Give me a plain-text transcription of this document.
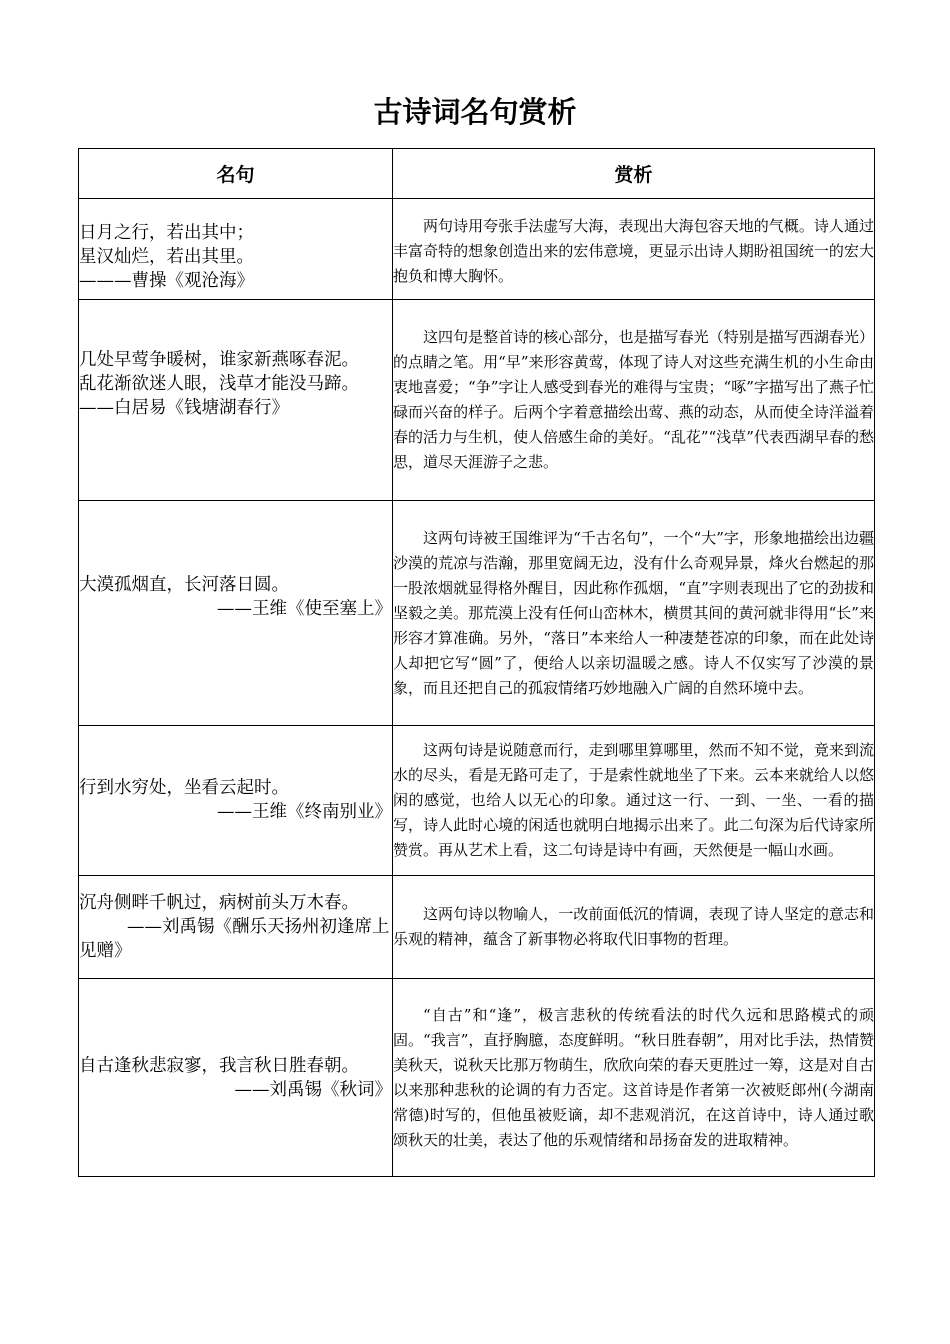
古诗词名句赏析
名句	赏析

日月之行，若出其中；
星汉灿烂，若出其里。
———曹操《观沧海》	两句诗用夸张手法虚写大海，表现出大海包容天地的气概。诗人通过丰富奇特的想象创造出来的宏伟意境，更显示出诗人期盼祖国统一的宏大抱负和博大胸怀。

几处早莺争暖树，谁家新燕啄春泥。
乱花渐欲迷人眼，浅草才能没马蹄。
——白居易《钱塘湖春行》	这四句是整首诗的核心部分，也是描写春光（特别是描写西湖春光）的点睛之笔。用“早”来形容黄莺，体现了诗人对这些充满生机的小生命由衷地喜爱；“争”字让人感受到春光的难得与宝贵；“啄”字描写出了燕子忙碌而兴奋的样子。后两个字着意描绘出莺、燕的动态，从而使全诗洋溢着春的活力与生机，使人倍感生命的美好。“乱花”“浅草”代表西湖早春的愁思，道尽天涯游子之悲。

大漠孤烟直，长河落日圆。
——王维《使至塞上》	这两句诗被王国维评为“千古名句”，一个“大”字，形象地描绘出边疆沙漠的荒凉与浩瀚，那里宽阔无边，没有什么奇观异景，烽火台燃起的那一股浓烟就显得格外醒目，因此称作孤烟，“直”字则表现出了它的劲拔和坚毅之美。那荒漠上没有任何山峦林木，横贯其间的黄河就非得用“长”来形容才算准确。另外，“落日”本来给人一种凄楚苍凉的印象，而在此处诗人却把它写“圆”了，便给人以亲切温暖之感。诗人不仅实写了沙漠的景象，而且还把自己的孤寂情绪巧妙地融入广阔的自然环境中去。

行到水穷处，坐看云起时。
——王维《终南别业》	这两句诗是说随意而行，走到哪里算哪里，然而不知不觉，竟来到流水的尽头，看是无路可走了，于是索性就地坐了下来。云本来就给人以悠闲的感觉，也给人以无心的印象。通过这一行、一到、一坐、一看的描写，诗人此时心境的闲适也就明白地揭示出来了。此二句深为后代诗家所赞赏。再从艺术上看，这二句诗是诗中有画，天然便是一幅山水画。

沉舟侧畔千帆过，病树前头万木春。
——刘禹锡《酬乐天扬州初逢席上见赠》	这两句诗以物喻人，一改前面低沉的情调，表现了诗人坚定的意志和乐观的精神，蕴含了新事物必将取代旧事物的哲理。

自古逢秋悲寂寥，我言秋日胜春朝。
——刘禹锡《秋词》	“自古”和“逢”，极言悲秋的传统看法的时代久远和思路模式的顽固。“我言”，直抒胸臆，态度鲜明。“秋日胜春朝”，用对比手法，热情赞美秋天，说秋天比那万物萌生，欣欣向荣的春天更胜过一筹，这是对自古以来那种悲秋的论调的有力否定。这首诗是作者第一次被贬郎州(今湖南常德)时写的，但他虽被贬谪，却不悲观消沉，在这首诗中，诗人通过歌颂秋天的壮美，表达了他的乐观情绪和昂扬奋发的进取精神。
